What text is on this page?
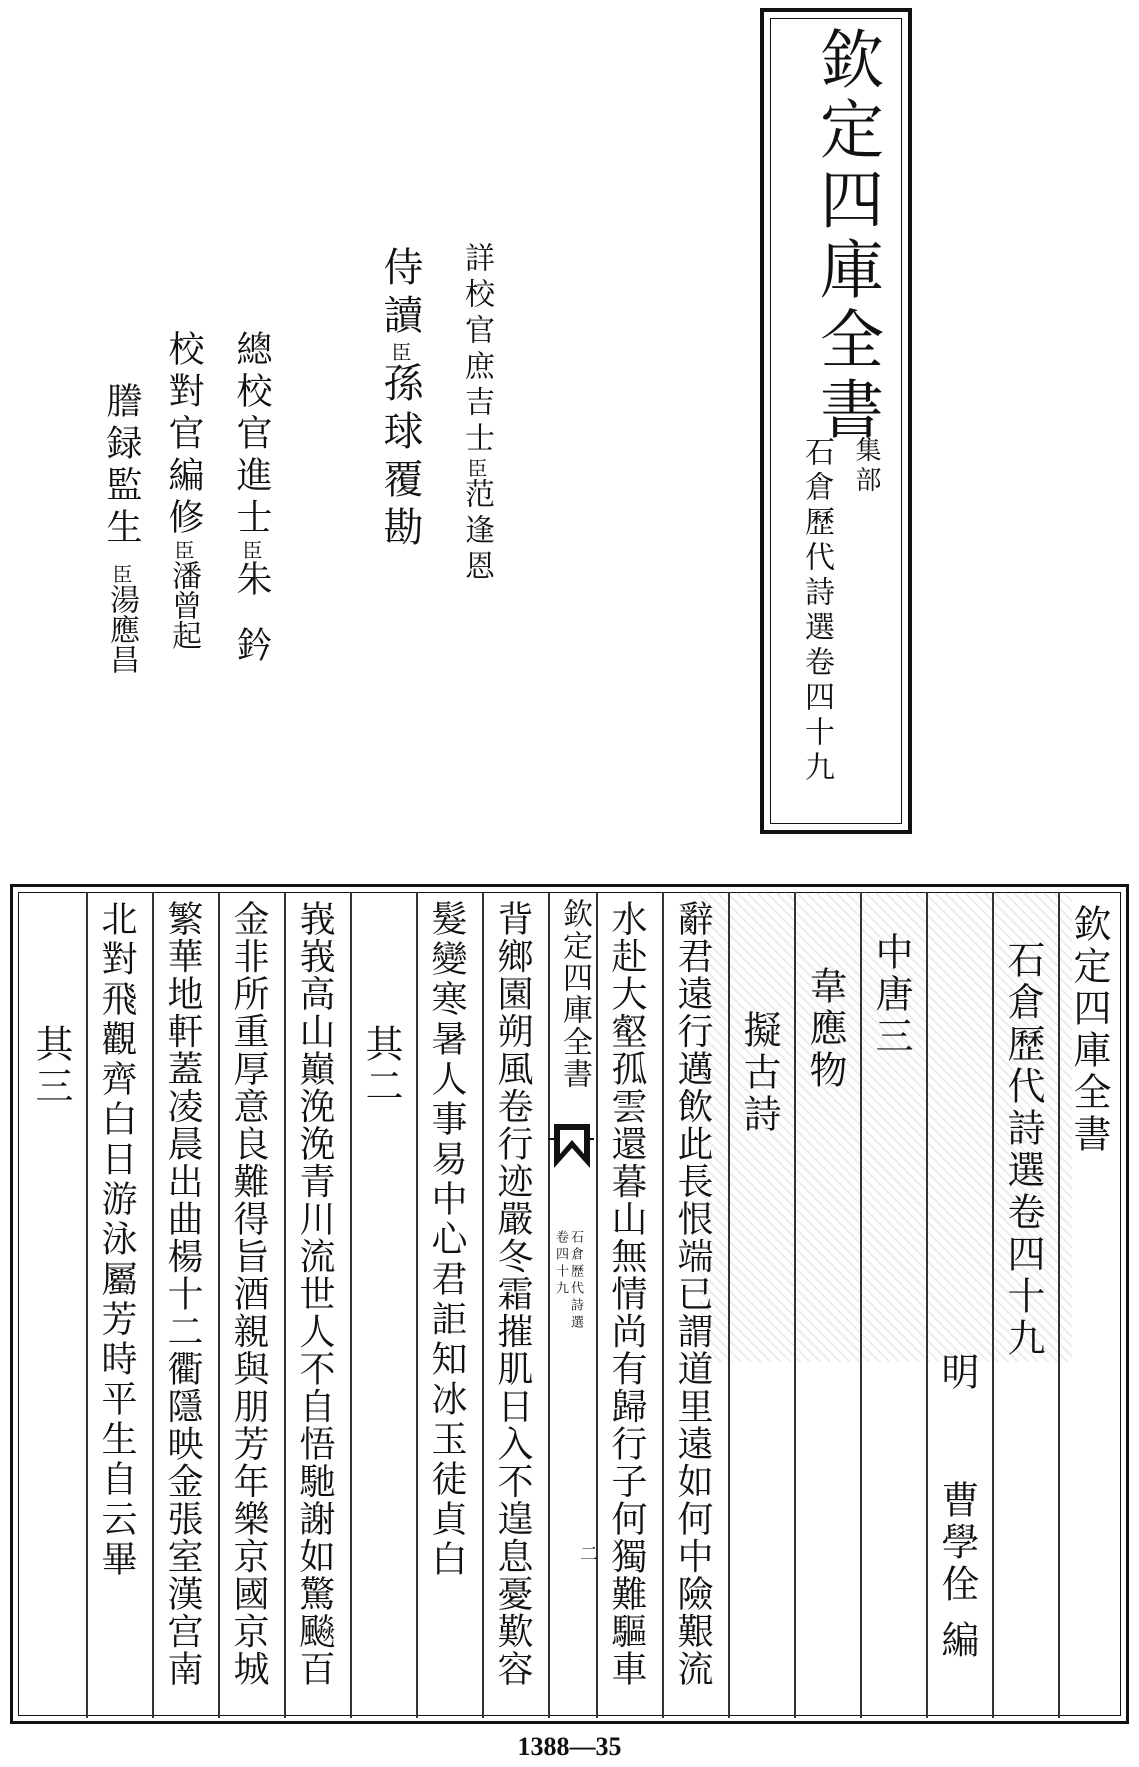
欽定四庫全書
集部
石倉歷代詩選卷四十九
詳校官庶吉士臣范逢恩
侍讀臣孫球覆勘
總校官進士臣朱鈐
校對官編修臣潘曾起
謄録監生臣湯應昌
欽定四庫全書
石倉歷代詩選卷四十九
明
曹學佺
編
中唐三
韋應物
擬古詩
辭君遠行邁飲此長恨端已謂道里遠如何中險艱流
水赴大壑孤雲還暮山無情尚有歸行子何獨難驅車
欽定四庫全書
石倉歷代詩選
卷四十九
二
背鄉園朔風卷行迹嚴冬霜摧肌日入不遑息憂歎容
髮變寒暑人事易中心君詎知冰玉徒貞白
其二
峩峩高山巔浼浼青川流世人不自悟馳謝如驚飈百
金非所重厚意良難得旨酒親與朋芳年樂京國京城
繁華地軒蓋凌晨出曲楊十二衢隱映金張室漢宫南
北對飛觀齊白日游泳屬芳時平生自云畢
其三
1388—35
